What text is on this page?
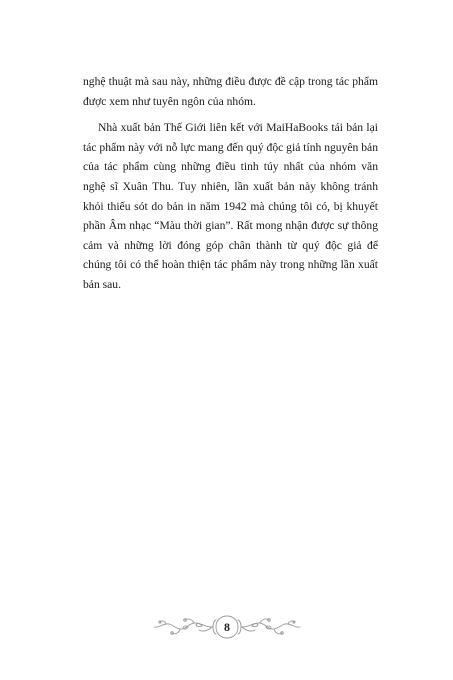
nghệ thuật mà sau này, những điều được đề cập trong tác phẩm được xem như tuyên ngôn của nhóm.

Nhà xuất bản Thế Giới liên kết với MaiHaBooks tái bản lại tác phẩm này với nỗ lực mang đến quý độc giả tính nguyên bản của tác phẩm cùng những điều tinh túy nhất của nhóm văn nghệ sĩ Xuân Thu. Tuy nhiên, lần xuất bản này không tránh khỏi thiếu sót do bản in năm 1942 mà chúng tôi có, bị khuyết phần Âm nhạc “Màu thời gian”. Rất mong nhận được sự thông cảm và những lời đóng góp chân thành từ quý độc giả để chúng tôi có thể hoàn thiện tác phẩm này trong những lần xuất bản sau.

8
